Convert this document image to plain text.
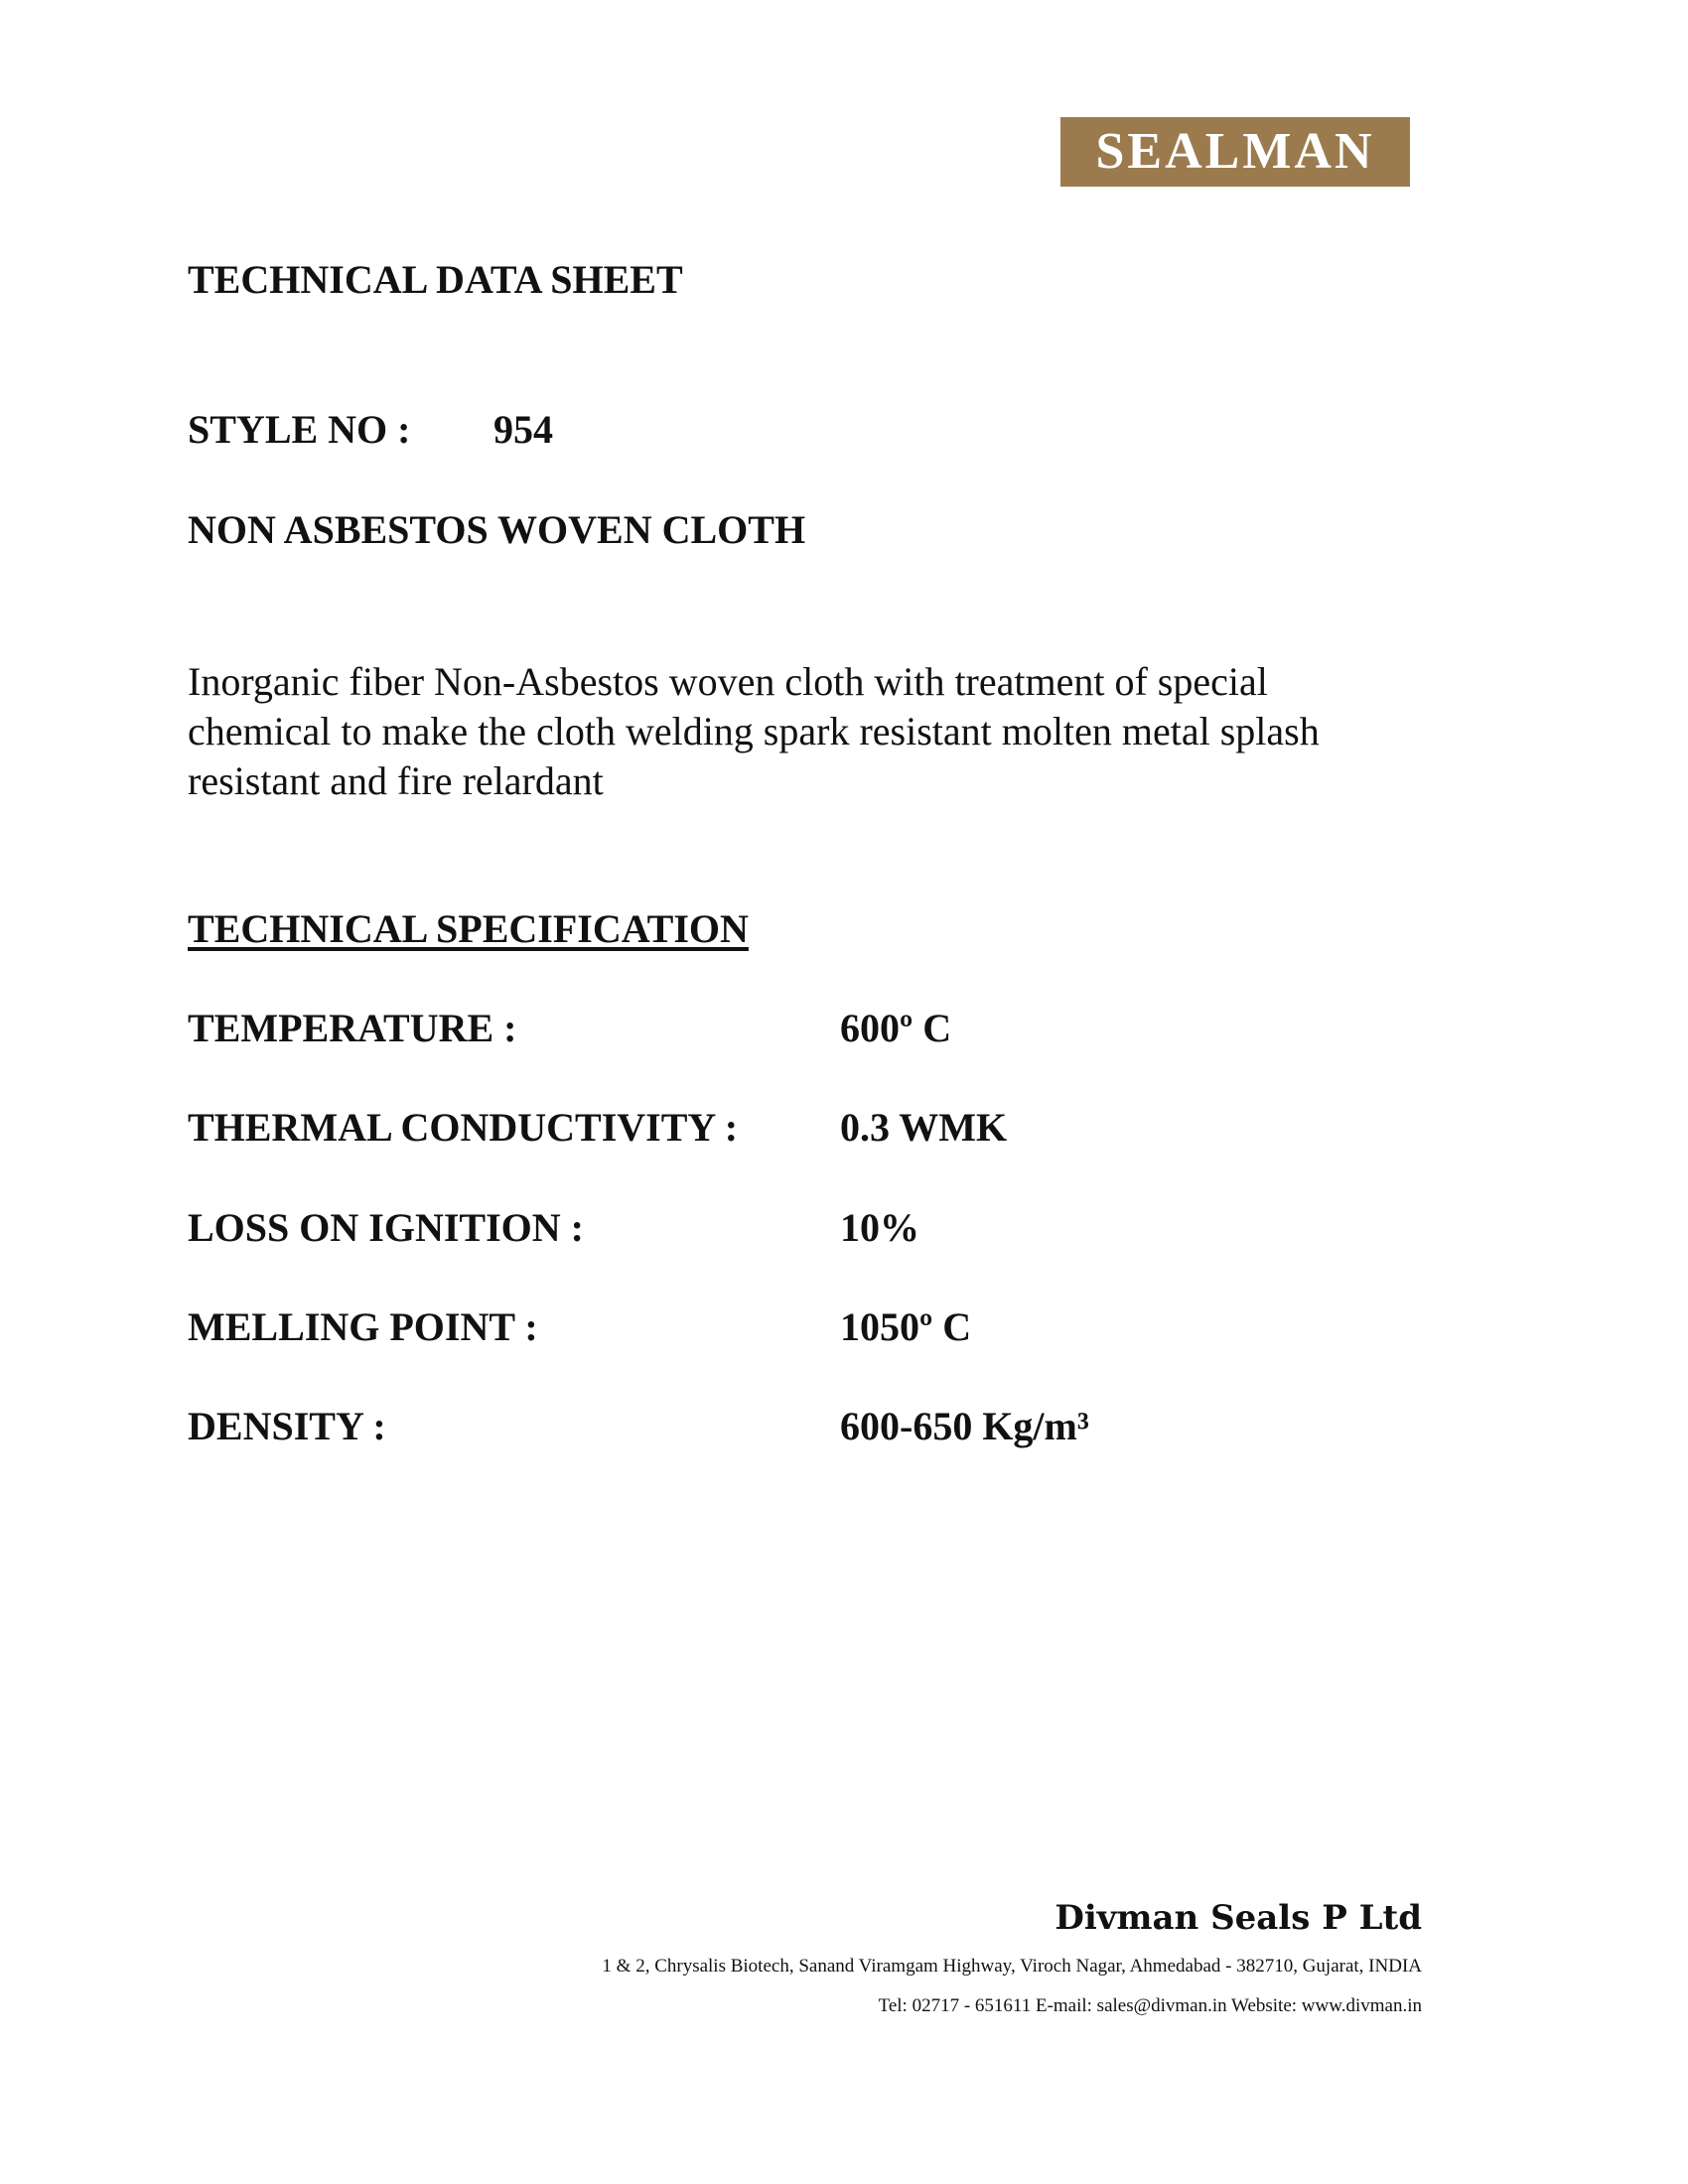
SEALMAN
TECHNICAL DATA SHEET
STYLE NO : 954
NON ASBESTOS WOVEN CLOTH

Inorganic fiber Non-Asbestos woven cloth with treatment of special chemical to make the cloth welding spark resistant molten metal splash resistant and fire relardant

TECHNICAL SPECIFICATION
TEMPERATURE :	600º C
THERMAL CONDUCTIVITY :	0.3 WMK
LOSS ON IGNITION :	10%
MELLING POINT :	1050º C
DENSITY :	600-650 Kg/m³
Divman Seals P Ltd
1 & 2, Chrysalis Biotech, Sanand Viramgam Highway, Viroch Nagar, Ahmedabad - 382710, Gujarat, INDIA
Tel: 02717 - 651611 E-mail: sales@divman.in Website: www.divman.in
